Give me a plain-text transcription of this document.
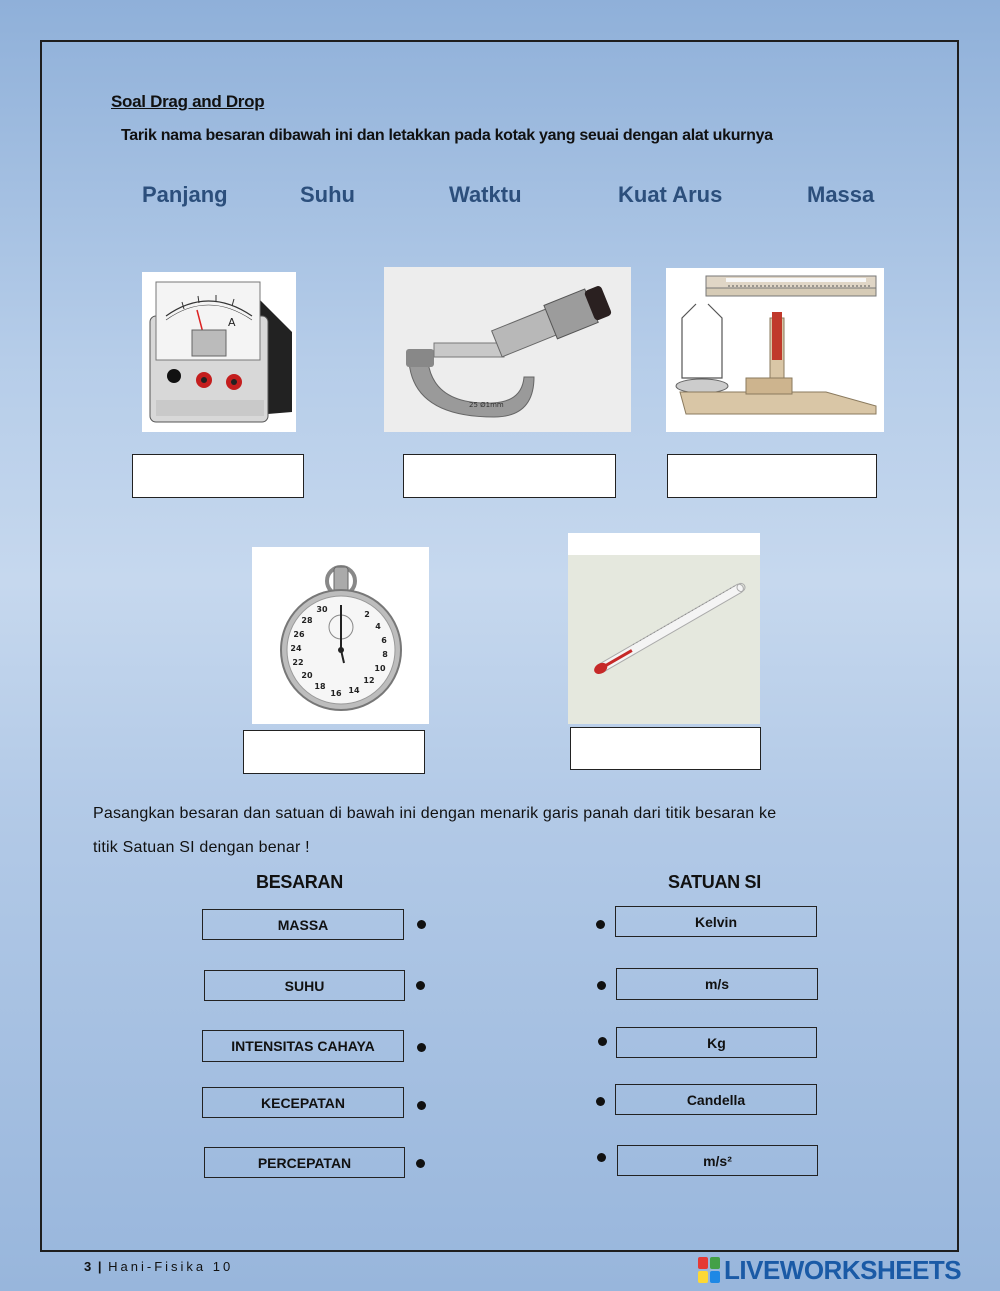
Soal Drag and Drop
Tarik nama besaran dibawah ini dan letakkan pada kotak yang seuai dengan alat ukurnya
Panjang	Suhu	Watktu	Kuat Arus	Massa
A
25 Ø1mm
30
28
26
24
22
20
18
16 14
12
10
8
6
4
2
Pasangkan besaran dan satuan di bawah ini dengan menarik garis panah dari titik besaran ke
titik Satuan SI dengan benar !
BESARAN	SATUAN SI
MASSA
SUHU
INTENSITAS CAHAYA
KECEPATAN
PERCEPATAN
Kelvin
m/s
Kg
Candella
m/s²
3 | Hani-Fisika 10	LIVEWORKSHEETS
